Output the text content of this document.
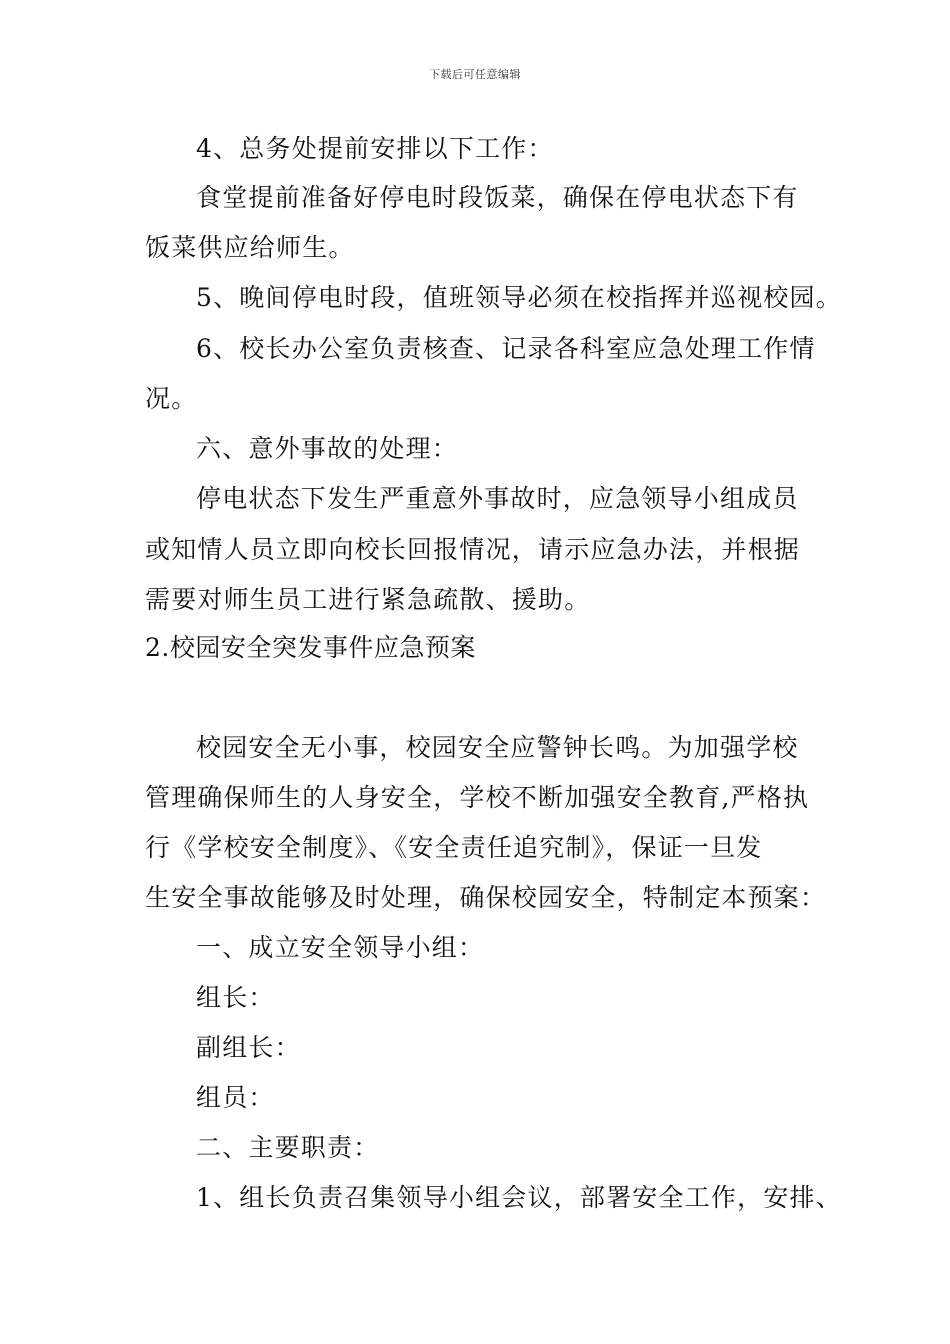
下载后可任意编辑
4、总务处提前安排以下工作：
食堂提前准备好停电时段饭菜，确保在停电状态下有
饭菜供应给师生。
5、晚间停电时段，值班领导必须在校指挥并巡视校园。
6、校长办公室负责核查、记录各科室应急处理工作情
况。
六、意外事故的处理：
停电状态下发生严重意外事故时，应急领导小组成员
或知情人员立即向校长回报情况，请示应急办法，并根据
需要对师生员工进行紧急疏散、援助。
2.校园安全突发事件应急预案
校园安全无小事，校园安全应警钟长鸣。为加强学校
管理确保师生的人身安全，学校不断加强安全教育,严格执
行《学校安全制度》、《安全责任追究制》，保证一旦发
生安全事故能够及时处理，确保校园安全，特制定本预案：
一、成立安全领导小组：
组长：
副组长：
组员：
二、主要职责：
1、组长负责召集领导小组会议，部署安全工作，安排、
